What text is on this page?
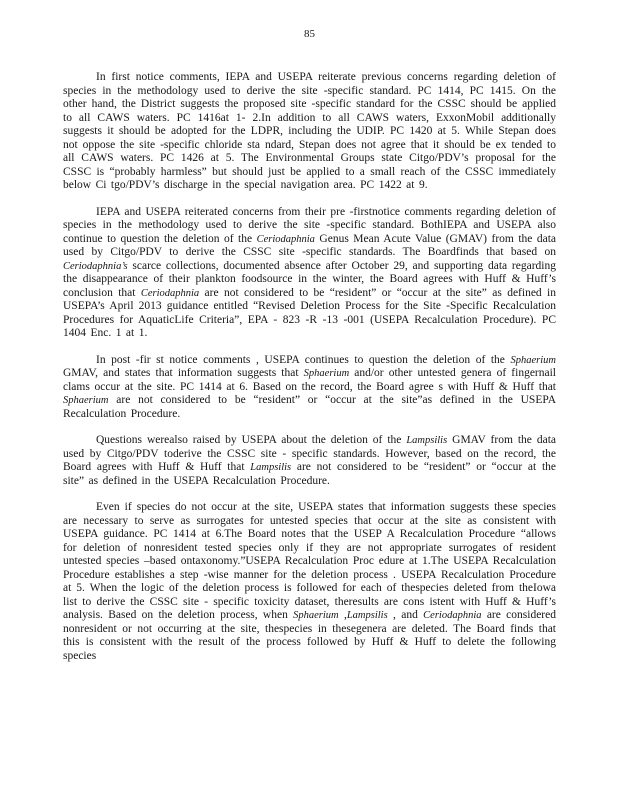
85

In first notice comments, IEPA and USEPA reiterate previous concerns regarding deletion of species in the methodology used to derive the site -specific standard. PC 1414, PC 1415. On the other hand, the District suggests the proposed site -specific standard for the CSSC should be applied to all CAWS waters. PC 1416at 1- 2.In addition to all CAWS waters, ExxonMobil additionally suggests it should be adopted for the LDPR, including the UDIP. PC 1420 at 5. While Stepan does not oppose the site -specific chloride sta ndard, Stepan does not agree that it should be ex tended to all CAWS waters. PC 1426 at 5. The Environmental Groups state Citgo/PDV’s proposal for the CSSC is “probably harmless” but should just be applied to a small reach of the CSSC immediately below Ci tgo/PDV’s discharge in the special navigation area. PC 1422 at 9.

IEPA and USEPA reiterated concerns from their pre -firstnotice comments regarding deletion of species in the methodology used to derive the site -specific standard. BothIEPA and USEPA also continue to question the deletion of the Ceriodaphnia Genus Mean Acute Value (GMAV) from the data used by Citgo/PDV to derive the CSSC site -specific standards. The Boardfinds that based on Ceriodaphnia’s scarce collections, documented absence after October 29, and supporting data regarding the disappearance of their plankton foodsource in the winter, the Board agrees with Huff & Huff’s conclusion that Ceriodaphnia are not considered to be “resident” or “occur at the site” as defined in USEPA’s April 2013 guidance entitled “Revised Deletion Process for the Site -Specific Recalculation Procedures for AquaticLife Criteria”, EPA - 823 -R -13 -001 (USEPA Recalculation Procedure). PC 1404 Enc. 1 at 1.

In post -fir st notice comments , USEPA continues to question the deletion of the Sphaerium GMAV, and states that information suggests that Sphaerium and/or other untested genera of fingernail clams occur at the site. PC 1414 at 6. Based on the record, the Board agree s with Huff & Huff that Sphaerium are not considered to be “resident” or “occur at the site”as defined in the USEPA Recalculation Procedure.

Questions werealso raised by USEPA about the deletion of the Lampsilis GMAV from the data used by Citgo/PDV toderive the CSSC site - specific standards. However, based on the record, the Board agrees with Huff & Huff that Lampsilis are not considered to be “resident” or “occur at the site” as defined in the USEPA Recalculation Procedure.

Even if species do not occur at the site, USEPA states that information suggests these species are necessary to serve as surrogates for untested species that occur at the site as consistent with USEPA guidance. PC 1414 at 6.The Board notes that the USEP A Recalculation Procedure “allows for deletion of nonresident tested species only if they are not appropriate surrogates of resident untested species –based ontaxonomy.”USEPA Recalculation Proc edure at 1.The USEPA Recalculation Procedure establishes a step -wise manner for the deletion process . USEPA Recalculation Procedure at 5. When the logic of the deletion process is followed for each of thespecies deleted from theIowa list to derive the CSSC site - specific toxicity dataset, theresults are cons istent with Huff & Huff’s analysis. Based on the deletion process, when Sphaerium ,Lampsilis , and Ceriodaphnia are considered nonresident or not occurring at the site, thespecies in thesegenera are deleted. The Board finds that this is consistent with the result of the process followed by Huff & Huff to delete the following species
